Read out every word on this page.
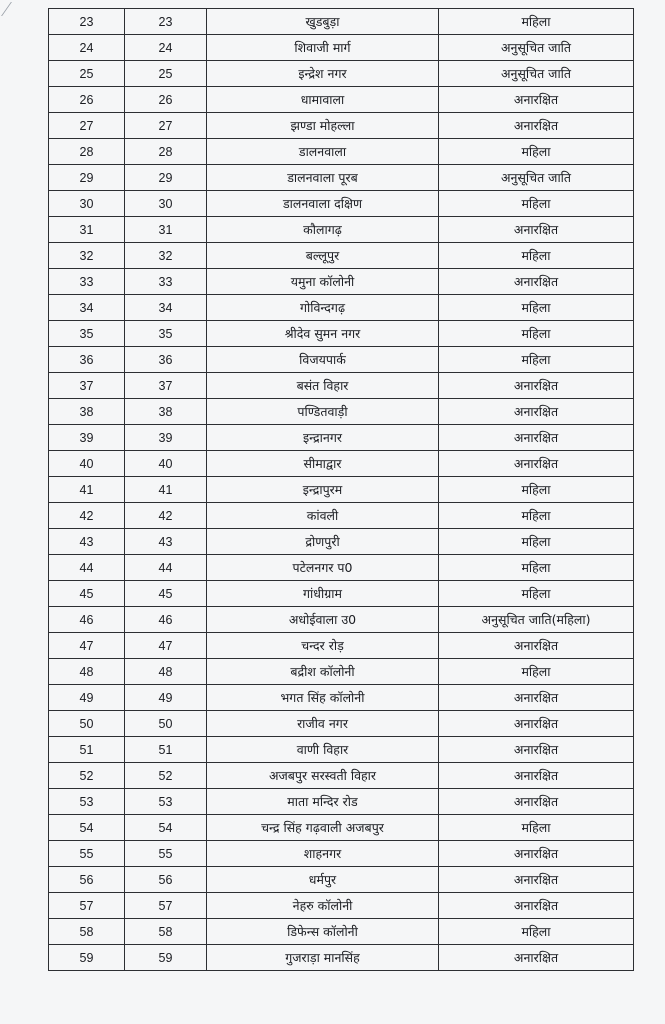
23	23	खुडबुड़ा	महिला
24	24	शिवाजी मार्ग	अनुसूचित जाति
25	25	इन्द्रेश नगर	अनुसूचित जाति
26	26	धामावाला	अनारक्षित
27	27	झण्डा मोहल्ला	अनारक्षित
28	28	डालनवाला	महिला
29	29	डालनवाला पूरब	अनुसूचित जाति
30	30	डालनवाला दक्षिण	महिला
31	31	कौलागढ़	अनारक्षित
32	32	बल्लूपुर	महिला
33	33	यमुना कॉलोनी	अनारक्षित
34	34	गोविन्दगढ़	महिला
35	35	श्रीदेव सुमन नगर	महिला
36	36	विजयपार्क	महिला
37	37	बसंत विहार	अनारक्षित
38	38	पण्डितवाड़ी	अनारक्षित
39	39	इन्द्रानगर	अनारक्षित
40	40	सीमाद्वार	अनारक्षित
41	41	इन्द्रापुरम	महिला
42	42	कांवली	महिला
43	43	द्रोणपुरी	महिला
44	44	पटेलनगर प0	महिला
45	45	गांधीग्राम	महिला
46	46	अधोईवाला उ0	अनुसूचित जाति(महिला)
47	47	चन्दर रोड़	अनारक्षित
48	48	बद्रीश कॉलोनी	महिला
49	49	भगत सिंह कॉलोनी	अनारक्षित
50	50	राजीव नगर	अनारक्षित
51	51	वाणी विहार	अनारक्षित
52	52	अजबपुर सरस्वती विहार	अनारक्षित
53	53	माता मन्दिर रोड	अनारक्षित
54	54	चन्द्र सिंह गढ़वाली अजबपुर	महिला
55	55	शाहनगर	अनारक्षित
56	56	धर्मपुर	अनारक्षित
57	57	नेहरु कॉलोनी	अनारक्षित
58	58	डिफेन्स कॉलोनी	महिला
59	59	गुजराड़ा मानसिंह	अनारक्षित
